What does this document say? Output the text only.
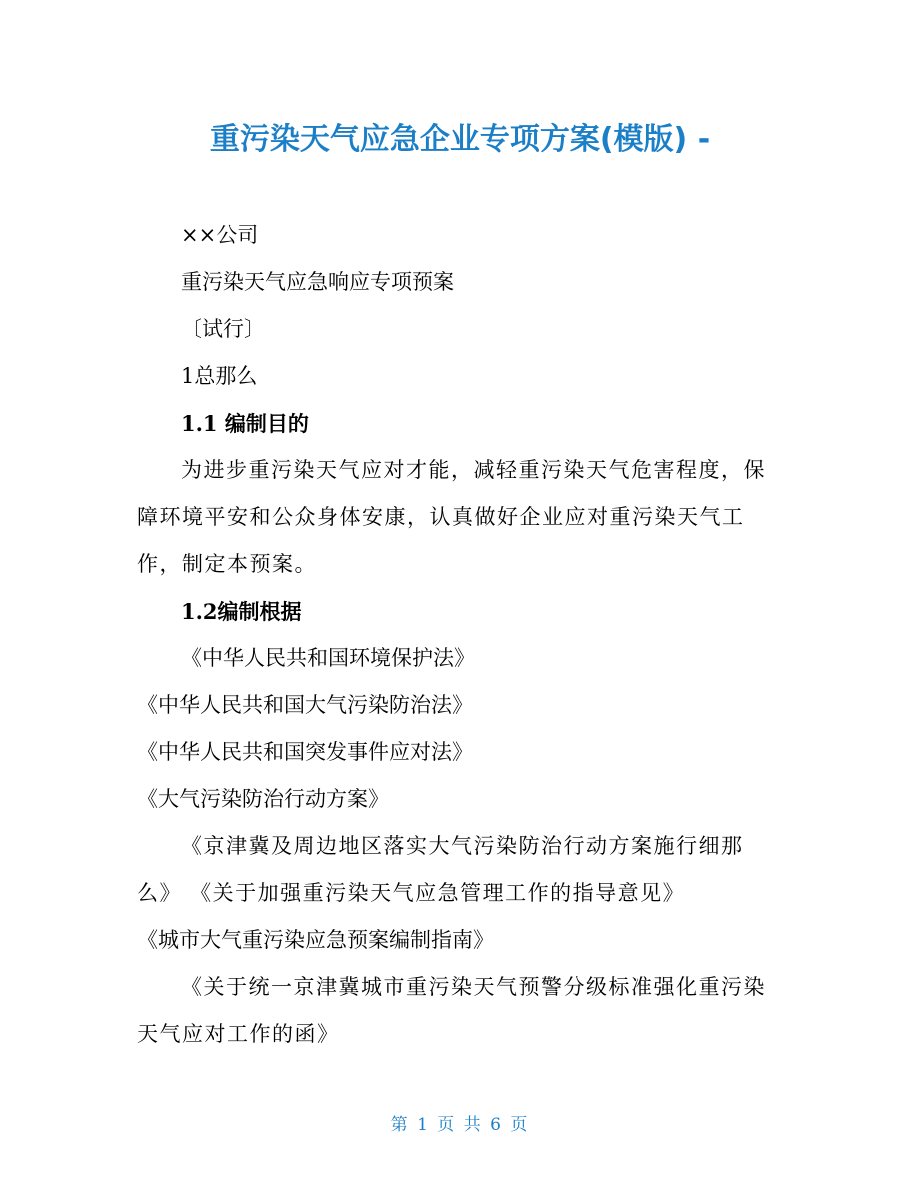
重污染天气应急企业专项方案(模版) -

××公司

重污染天气应急响应专项预案

〔试行〕

1总那么

1.1 编制目的

为进步重污染天气应对才能，减轻重污染天气危害程度，保障环境平安和公众身体安康，认真做好企业应对重污染天气工作，制定本预案。

1.2编制根据

《中华人民共和国环境保护法》

《中华人民共和国大气污染防治法》

《中华人民共和国突发事件应对法》

《大气污染防治行动方案》

《京津冀及周边地区落实大气污染防治行动方案施行细那么》 《关于加强重污染天气应急管理工作的指导意见》

《城市大气重污染应急预案编制指南》

《关于统一京津冀城市重污染天气预警分级标准强化重污染天气应对工作的函》

第 1 页 共 6 页
